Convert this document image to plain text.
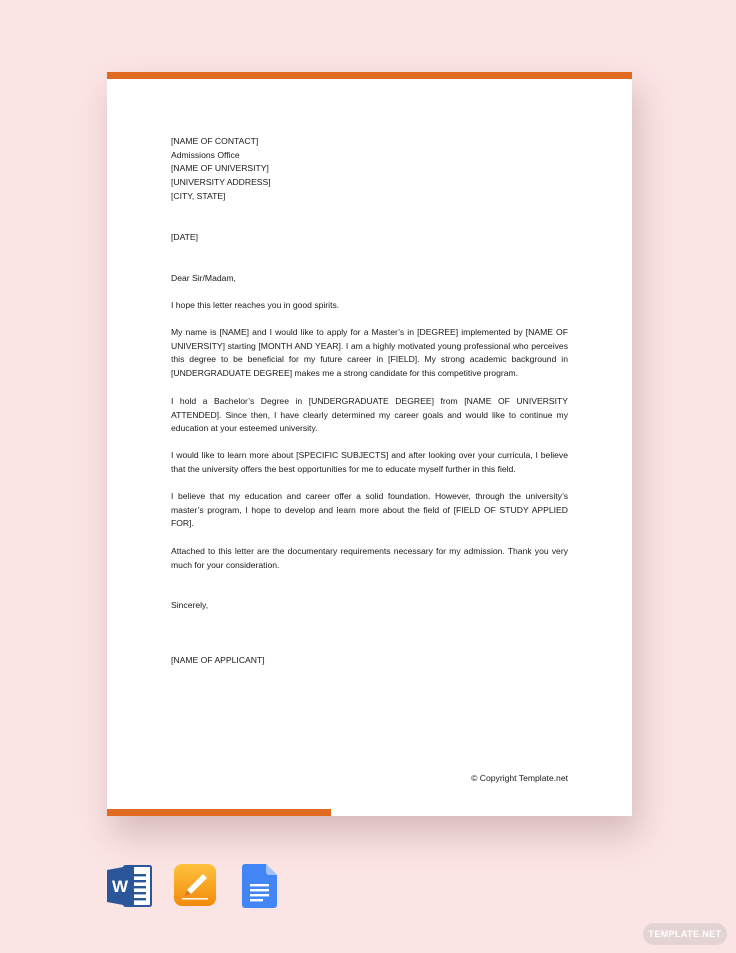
[NAME OF CONTACT]
Admissions Office
[NAME OF UNIVERSITY]
[UNIVERSITY ADDRESS]
[CITY, STATE]
[DATE]
Dear Sir/Madam,

I hope this letter reaches you in good spirits.

My name is [NAME] and I would like to apply for a Master’s in [DEGREE] implemented by [NAME OF UNIVERSITY] starting [MONTH AND YEAR]. I am a highly motivated young professional who perceives this degree to be beneficial for my future career in [FIELD]. My strong academic background in [UNDERGRADUATE DEGREE] makes me a strong candidate for this competitive program.

I hold a Bachelor’s Degree in [UNDERGRADUATE DEGREE] from [NAME OF UNIVERSITY ATTENDED]. Since then, I have clearly determined my career goals and would like to continue my education at your esteemed university.

I would like to learn more about [SPECIFIC SUBJECTS] and after looking over your curricula, I believe that the university offers the best opportunities for me to educate myself further in this field.

I believe that my education and career offer a solid foundation. However, through the university’s master’s program, I hope to develop and learn more about the field of [FIELD OF STUDY APPLIED FOR].

Attached to this letter are the documentary requirements necessary for my admission. Thank you very much for your consideration.

Sincerely,
[NAME OF APPLICANT]
© Copyright Template.net
W
TEMPLATE.NET
